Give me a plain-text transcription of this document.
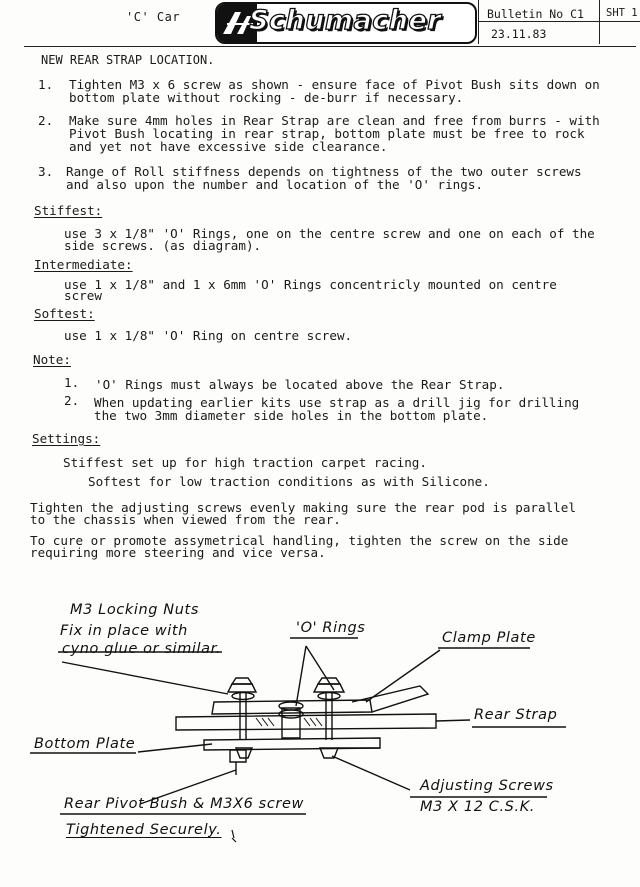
'C' Car	Schumacher	Bulletin No C1
23.11.83
SHT 1
NEW REAR STRAP LOCATION.
1. Tighten M3 x 6 screw as shown - ensure face of Pivot Bush sits down on
bottom plate without rocking - de-burr if necessary.
2. Make sure 4mm holes in Rear Strap are clean and free from burrs - with
Pivot Bush locating in rear strap, bottom plate must be free to rock
and yet not have excessive side clearance.
3. Range of Roll stiffness depends on tightness of the two outer screws
and also upon the number and location of the 'O' rings.
Stiffest:
use 3 x 1/8" 'O' Rings, one on the centre screw and one on each of the
side screws. (as diagram).
Intermediate:
use 1 x 1/8" and 1 x 6mm 'O' Rings concentricly mounted on centre
screw
Softest:
use 1 x 1/8" 'O' Ring on centre screw.
Note:
1. 'O' Rings must always be located above the Rear Strap.
2. When updating earlier kits use strap as a drill jig for drilling
the two 3mm diameter side holes in the bottom plate.
Settings:
Stiffest set up for high traction carpet racing.
Softest for low traction conditions as with Silicone.
Tighten the adjusting screws evenly making sure the rear pod is parallel
to the chassis when viewed from the rear.
To cure or promote assymetrical handling, tighten the screw on the side
requiring more steering and vice versa.
M3 Locking Nuts
Fix in place with
cyno glue or similar.
'O' Rings
Clamp Plate
Rear Strap
Bottom Plate
Adjusting Screws
M3 X 12 C.S.K.
Rear Pivot Bush & M3X6 screw
Tightened Securely.
